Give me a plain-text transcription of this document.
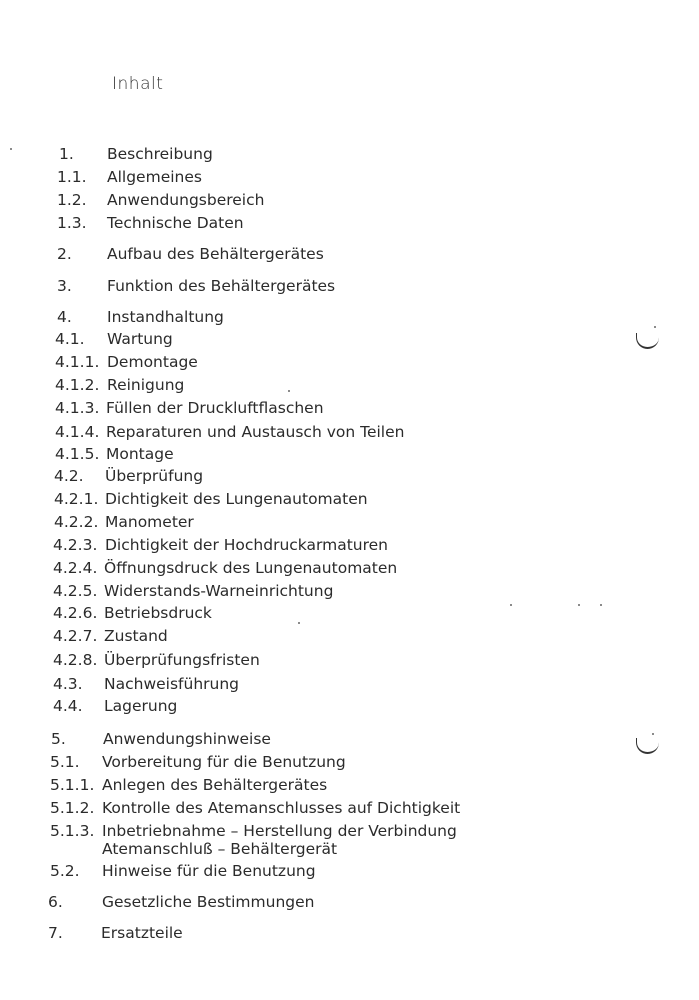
Inhalt
1. Beschreibung
1.1. Allgemeines
1.2. Anwendungsbereich
1.3. Technische Daten
2. Aufbau des Behältergerätes
3. Funktion des Behältergerätes
4. Instandhaltung
4.1. Wartung
4.1.1. Demontage
4.1.2. Reinigung
4.1.3. Füllen der Druckluftflaschen
4.1.4. Reparaturen und Austausch von Teilen
4.1.5. Montage
4.2. Überprüfung
4.2.1. Dichtigkeit des Lungenautomaten
4.2.2. Manometer
4.2.3. Dichtigkeit der Hochdruckarmaturen
4.2.4. Öffnungsdruck des Lungenautomaten
4.2.5. Widerstands-Warneinrichtung
4.2.6. Betriebsdruck
4.2.7. Zustand
4.2.8. Überprüfungsfristen
4.3. Nachweisführung
4.4. Lagerung
5. Anwendungshinweise
5.1. Vorbereitung für die Benutzung
5.1.1. Anlegen des Behältergerätes
5.1.2. Kontrolle des Atemanschlusses auf Dichtigkeit
5.1.3. Inbetriebnahme – Herstellung der Verbindung
Atemanschluß – Behältergerät
5.2. Hinweise für die Benutzung
6.	Gesetzliche Bestimmungen
7. Ersatzteile
